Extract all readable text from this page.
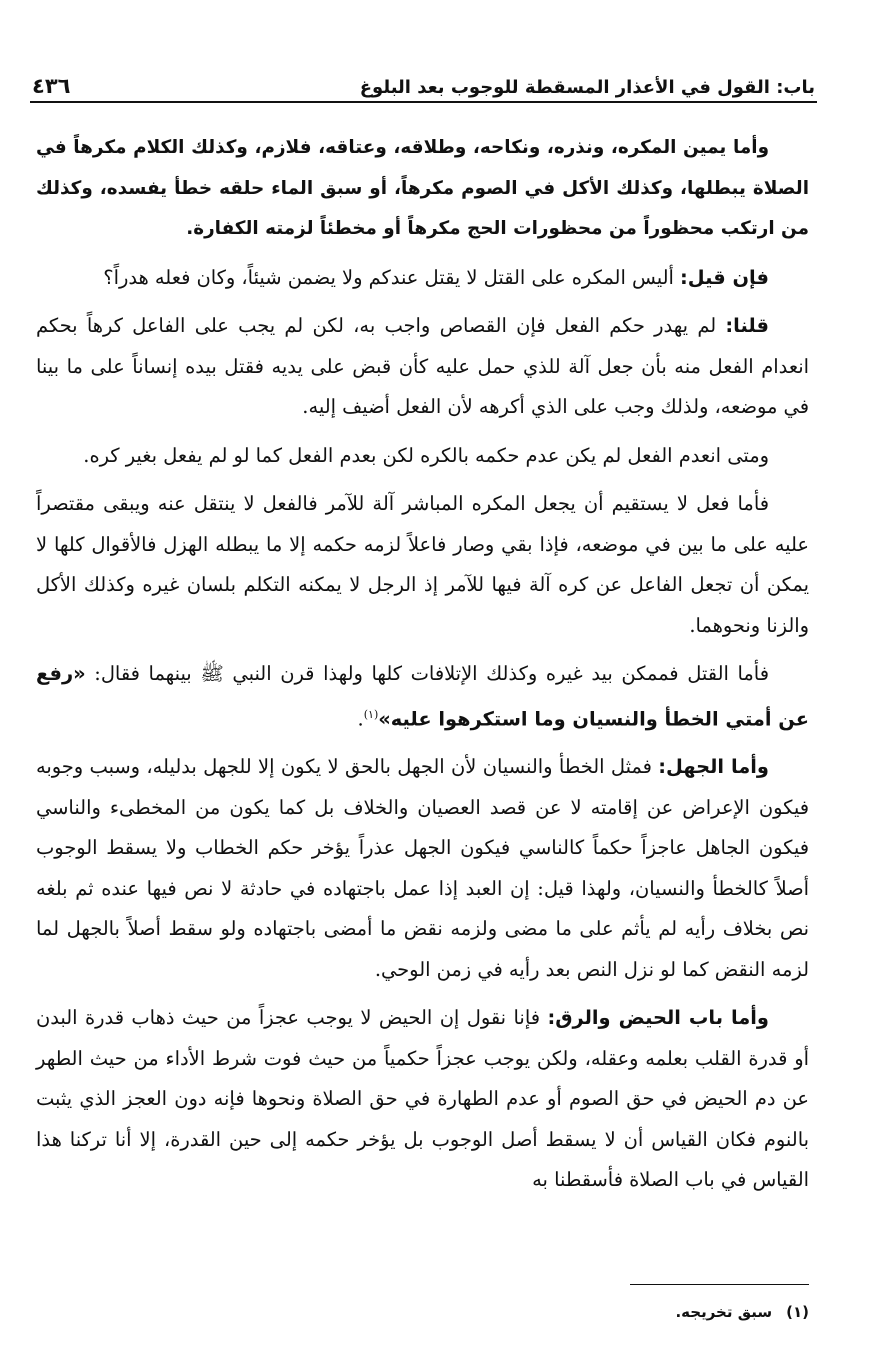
باب: القول في الأعذار المسقطة للوجوب بعد البلوغ
٤٣٦

وأما يمين المكره، ونذره، ونكاحه، وطلاقه، وعتاقه، فلازم، وكذلك الكلام مكرهاً في الصلاة يبطلها، وكذلك الأكل في الصوم مكرهاً، أو سبق الماء حلقه خطأ يفسده، وكذلك من ارتكب محظوراً من محظورات الحج مكرهاً أو مخطئاً لزمته الكفارة.

فإن قيل: أليس المكره على القتل لا يقتل عندكم ولا يضمن شيئاً، وكان فعله هدراً؟

قلنا: لم يهدر حكم الفعل فإن القصاص واجب به، لكن لم يجب على الفاعل كرهاً بحكم انعدام الفعل منه بأن جعل آلة للذي حمل عليه كأن قبض على يديه فقتل بيده إنساناً على ما بينا في موضعه، ولذلك وجب على الذي أكرهه لأن الفعل أضيف إليه.

ومتى انعدم الفعل لم يكن عدم حكمه بالكره لكن بعدم الفعل كما لو لم يفعل بغير كره.

فأما فعل لا يستقيم أن يجعل المكره المباشر آلة للآمر فالفعل لا ينتقل عنه ويبقى مقتصراً عليه على ما بين في موضعه، فإذا بقي وصار فاعلاً لزمه حكمه إلا ما يبطله الهزل فالأقوال كلها لا يمكن أن تجعل الفاعل عن كره آلة فيها للآمر إذ الرجل لا يمكنه التكلم بلسان غيره وكذلك الأكل والزنا ونحوهما.

فأما القتل فممكن بيد غيره وكذلك الإتلافات كلها ولهذا قرن النبي ﷺ بينهما فقال: «رفع عن أمتي الخطأ والنسيان وما استكرهوا عليه»$^{(١)}$.

وأما الجهل: فمثل الخطأ والنسيان لأن الجهل بالحق لا يكون إلا للجهل بدليله، وسبب وجوبه فيكون الإعراض عن إقامته لا عن قصد العصيان والخلاف بل كما يكون من المخطىء والناسي فيكون الجاهل عاجزاً حكماً كالناسي فيكون الجهل عذراً يؤخر حكم الخطاب ولا يسقط الوجوب أصلاً كالخطأ والنسيان، ولهذا قيل: إن العبد إذا عمل باجتهاده في حادثة لا نص فيها عنده ثم بلغه نص بخلاف رأيه لم يأثم على ما مضى ولزمه نقض ما أمضى باجتهاده ولو سقط أصلاً بالجهل لما لزمه النقض كما لو نزل النص بعد رأيه في زمن الوحي.

وأما باب الحيض والرق: فإنا نقول إن الحيض لا يوجب عجزاً من حيث ذهاب قدرة البدن أو قدرة القلب بعلمه وعقله، ولكن يوجب عجزاً حكمياً من حيث فوت شرط الأداء من حيث الطهر عن دم الحيض في حق الصوم أو عدم الطهارة في حق الصلاة ونحوها فإنه دون العجز الذي يثبت بالنوم فكان القياس أن لا يسقط أصل الوجوب بل يؤخر حكمه إلى حين القدرة، إلا أنا تركنا هذا القياس في باب الصلاة فأسقطنا به

(١)سبق تخريجه.
